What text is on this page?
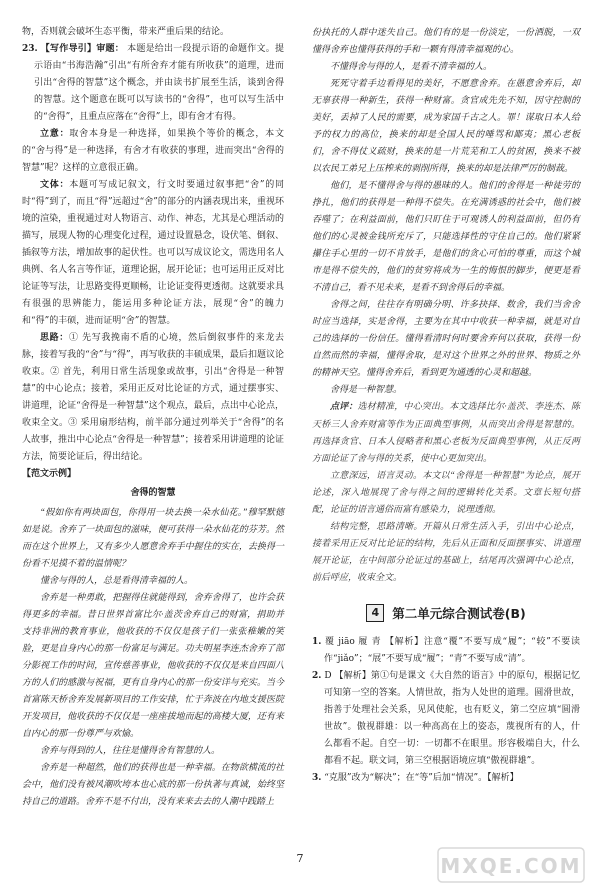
物，否则就会破坏生态平衡，带来严重后果的结论。

23. 【写作导引】审题： 本题是给出一段提示语的命题作文。提示语由“书海浩瀚”引出“有所舍弃才能有所收获”的道理，进而引出“舍得的智慧”这个概念，并由读书扩展至生活，谈到舍得的智慧。这个题意在既可以写读书的“舍得”，也可以写生活中的“舍得”，且重点应落在“舍得”上，即有舍才有得。

立意：取舍本身是一种选择，如果换个等价的概念，本文的“舍与得”是一种选择，有舍才有收获的事理，进而突出“舍得的智慧”呢？这样的立意很正确。

文体：本题可写成记叙文，行文时要通过叙事把“舍”的同时“得”到了，而且“得”远超过“舍”的部分的内涵表现出来，重视环境的渲染，重视通过对人物语言、动作、神态，尤其是心理活动的描写，展现人物的心理变化过程，通过设置悬念，设伏笔、倒叙、插叙等方法，增加故事的起伏性。也可以写成议论文，需选用名人典例、名人名言等作证，道理论据，展开论证；也可运用正反对比论证等写法，让思路变得更顺畅，让论证变得更透彻。这就要求具有很强的思辨能力，能运用多种论证方法，展现“舍”的魄力和“得”的丰硕，进而证明“舍”的智慧。

思路：① 先写我挽南不盾的心境，然后倒叙事件的来龙去脉，接着写我的“舍”与“得”，再写收获的丰硕成果，最后扣题议论收束。② 首先，利用日常生活现象或故事，引出“舍得是一种智慧”的中心论点；接着，采用正反对比论证的方式，通过摆事实、讲道理，论证“舍得是一种智慧”这个观点，最后，点出中心论点，收束全文。③ 采用扇形结构，前半部分通过列举关于“舍得”的名人故事，推出中心论点“舍得是一种智慧”；接着采用讲道理的论证方法，简要论证后，得出结论。

【范文示例】

舍得的智慧

“假如你有两块面包，你得用一块去换一朵水仙花。”穆罕默德如是说。舍弃了一块面包的滋味，便可获得一朵水仙花的芬芳。然而在这个世界上，又有多少人愿意舍弃手中握住的实在，去换得一份看不见摸不着的温情呢？

懂舍与得的人，总是看得清幸福的人。

舍弃是一种勇敢，把握得住就能得到，舍弃舍得了，也许会获得更多的幸福。昔日世界首富比尔·盖茨舍弃自己的财富，捐助并支持非洲的教育事业，他收获的不仅仅是孩子们一张张稚嫩的笑脸，更是自身内心的那一份富足与满足。功夫明星李连杰舍弃了部分影视工作的时间，宣传慈善事业，他收获的不仅仅是来自四面八方的人们的感激与祝福，更有自身内心的那一份安详与充实。当今首富陈天桥舍弃发展新项目的工作安排，忙于奔波在内地支援医院开发项目，他收获的不仅仅是一座座拔地而起的高楼大厦，还有来自内心的那一份尊严与欢愉。

舍弃与得到的人，往往是懂得舍有智慧的人。

舍弃是一种超然，他们的获得也是一种幸福。在物欲横流的社会中，他们没有被风潮吹垮本也心底的那一份执著与真诚，始终坚持自己的道路。舍弃不是不付出，没有来来去去的人潮中践踏上

份执托的人群中迷失自己。他们有的是一份淡定，一份洒脱，一双懂得舍弃也懂得获得的手和一颗有得清幸福观的心。

不懂得舍与得的人，是看不清幸福的人。

死死守着手边看得见的美好，不愿意舍弃。在愚意舍弃后，却无辜获得一种新生，获得一种财富。贪官成先先不知，因守控制的美好，丢掉了人民的需要，成为家国千古之人。罪！谋取日本人给予的权力的高位，换来的却是全国人民的唾骂和鄙夷；黑心老板们，舍不得仗义疏财，换来的是一片荒芜和工人的贫困，换来不被以农民工弟兄上压榨来的剥削所得，换来的却是法律严厉的制裁。

他们，是不懂得舍与得的愚昧的人。他们的舍得是一种徒劳的挣扎，他们的获得是一种得不偿失。在充满诱惑的社会中，他们被吞噬了；在利益面前，他们只盯住于可观诱人的利益面前，但仍有他们的心灵被金钱所充斥了，只能选择性的守住自己的。他们紧紧攥住手心里的一切不肯放手，是他们的贪心可怕的尊重，而这个城市是得不偿失的，他们的贫穷将成为一生的悔恨的脚步，便更是看不清自己，看不见未来，是看不到舍得后的幸福。

舍得之间，往往存有明确分明、许多抉择、数舍，我们当舍舍时应当选择，实是舍得，主要为在其中中收获一种幸福，就是对自己的选择的一份信任。懂得看清时何时要舍弃何以获取，获得一份自然而然的幸福，懂得舍取，是对这个世界之外的世界、物质之外的精神天空。懂得舍弃后，看到更为通透的心灵和超越。

舍得是一种智慧。

点评：选材精准，中心突出。本文选择比尔·盖茨、李连杰、陈天桥三人舍弃财富等作为正面典型事例，从而突出舍得是智慧的。再选择贪官、日本人侵略者和黑心老板为反面典型事例，从正反两方面论证了舍与得的关系，使中心更加突出。

立意深远，语言灵动。本文以“舍得是一种智慧”为论点，展开论述，深入地展现了舍与得之间的逻辑转化关系。文章长短句搭配，论证的语言通俗而富有感染力，说理透彻。

结构完整，思路清晰。开篇从日常生活入手，引出中心论点，接着采用正反对比论证的结构，先后从正面和反面摆事实、讲道理展开论证，在中间部分论证过的基础上，结尾再次强调中心论点，前后呼应，收束全文。

4	第二单元综合测试卷(B)

1. 覆 jiāo 履 青 【解析】注意“覆”不要写成“履”；“较”不要读作“jiǎo”；“展”不要写成“履”；“青”不要写成“清”。

2. D 【解析】第①句是课文《大自然的语言》中的原句，根据记忆可知第一空的答案。人情世故，指为人处世的道理。圆滑世故，指善于处理社会关系，见风使舵，也有贬义，第二空应填“圆滑世故”。傲视群雄：以一种高高在上的姿态，蔑视所有的人，什么都看不起。自空一切：一切都不在眼里。形容极端自大，什么都看不起。联文词，第三空根据语境应填“傲视群雄”。

3. “克服”改为“解决”；在“等”后加“情况”。【解析】

7	MXQE.COM
